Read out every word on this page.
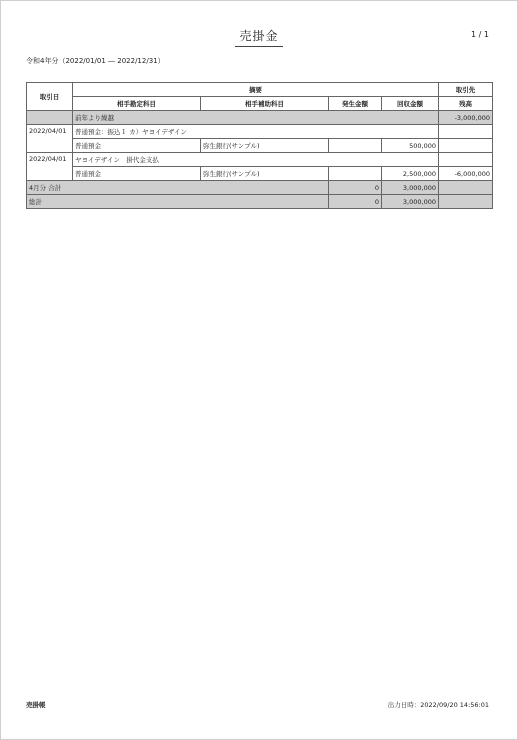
売掛金	1 / 1
令和4年分（2022/01/01 ― 2022/12/31）
取引日	摘要				取引先
	相手勘定科目	相手補助科目	発生金額	回収金額	残高
	前年より繰越				-3,000,000
2022/04/01	普通預金：振込１ カ）ヤヨイデザイン				
	普通預金	弥生銀行(サンプル)		500,000	
2022/04/01	ヤヨイデザイン　掛代金支払				
	普通預金	弥生銀行(サンプル)		2,500,000	-6,000,000
4月分 合計			0	3,000,000	
総計			0	3,000,000	
売掛帳	出力日時：2022/09/20 14:56:01
